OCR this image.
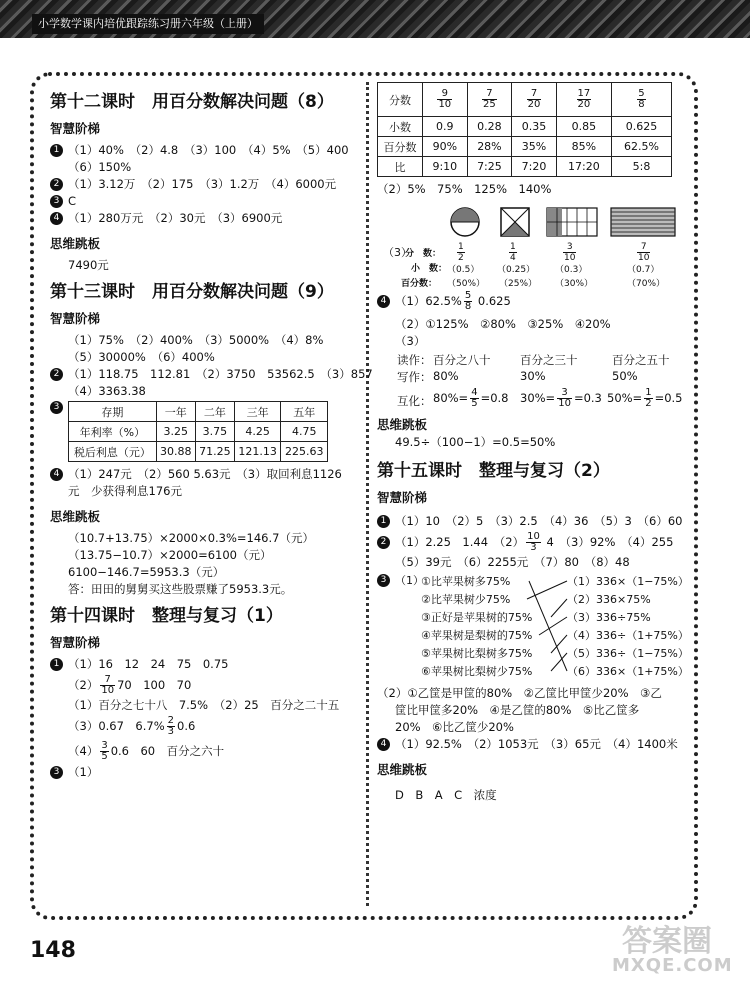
小学数学课内培优跟踪练习册六年级（上册）

第十二课时　用百分数解决问题（8）

智慧阶梯

1 （1）40%　（2）4.8　（3）100　（4）5%　（5）400

（6）150%

2 （1）3.12万　（2）175　（3）1.2万　（4）6000元

3 C

4 （1）280万元　（2）30元　（3）6900元

思维跳板

7490元

第十三课时　用百分数解决问题（9）

智慧阶梯

（1）75%　（2）400%　（3）5000%　（4）8%

（5）30000%　（6）400%

2 （1）118.75　112.81　（2）3750　53562.5　（3）857

（4）3363.38

3	存期	一年	二年	三年	五年
年利率（%）	3.25	3.75	4.25	4.75
税后利息（元）	30.88	71.25	121.13	225.63

4 （1）247元　（2）560 5.63元　（3）取回利息1126

元　少获得利息176元

思维跳板

（10.7+13.75）×2000×0.3%=146.7（元）

（13.75−10.7）×2000=6100（元）

6100−146.7=5953.3（元）

答：田田的舅舅买这些股票赚了5953.3元。

第十四课时　整理与复习（1）

智慧阶梯

1 （1）16　12　24　75　0.75

$(2) \frac{7}{10} 70$　100　70

（1）百分之七十八　7.5%　（2）25　百分之二十五

（3）0.67　$6.7\% \frac{2}{3}$ 0.6̇

$(4) \frac{3}{5} 0.6$　60　百分之六十

3 （1）

分数	$\frac{9}{10}$	$\frac{7}{25}$	$\frac{7}{20}$	$\frac{17}{20}$	$\frac{5}{8}$

小数	0.9	0.28	0.35	0.85	0.625
百分数	90%	28%	35%	85%	62.5%
比	9:10	7:25	7:20	17:20	5:8

（2）5%　75%　125%　140%

（3）
分　数：
小　数：
百分数：
$\frac{1}{2}$	$\frac{1}{4}$	$\frac{3}{10}$	$\frac{7}{10}$
（0.5） （0.25） （0.3）	（0.7）
（50%） （25%） （30%）	（70%）

4 $(1)62.5\% \frac{5}{8} 0.625$

（2）①125%　②80%　③25%　④20%

（3）

读作： 百分之八十	百分之三十	百分之五十
写作： 80%	30%	50%
互化： $80\%= \frac{4}{5} =0.8$ $30\%= \frac{3}{10} =0.3$ $50\%= \frac{1}{2} =0.5$

思维跳板

49.5÷（100−1）=0.5=50%

第十五课时　整理与复习（2）

智慧阶梯

1 （1）10　（2）5　（3）2.5　（4）36　（5）3　（6）60

2 （1）2.25　1.44　$(2) \frac{10}{3} 4$　（3）92%　（4）255

（5）39元　（6）2255元　（7）80　（8）48

3 （1）
①比苹果树多75%
②比苹果树少75%
③正好是苹果树的75%
④苹果树是梨树的75%
⑤苹果树比梨树多75%
⑥苹果树比梨树少75%
（1）336×（1−75%）
（2）336×75%
（3）336÷75%
（4）336÷（1+75%）
（5）336÷（1−75%）
（6）336×（1+75%）

（2）①乙筐是甲筐的80%　②乙筐比甲筐少20%　③乙

筐比甲筐多20%　④是乙筐的80%　⑤比乙筐多

20%　⑥比乙筐少20%

4 （1）92.5%　（2）1053元　（3）65元　（4）1400米

思维跳板

D　B　A　C　浓度

148	答案圈
MXQE.COM
